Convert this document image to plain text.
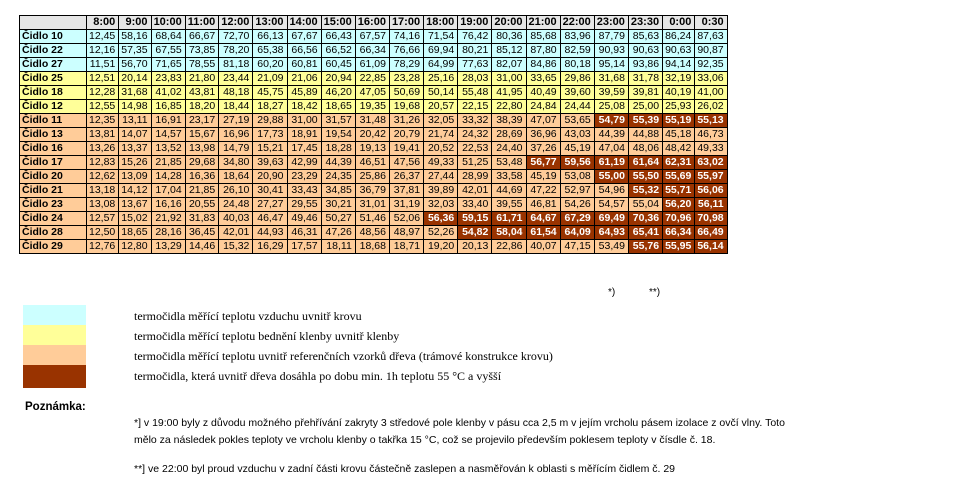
	8:00	9:00	10:00	11:00	12:00	13:00	14:00	15:00	16:00	17:00	18:00	19:00	20:00	21:00	22:00	23:00	23:30	0:00	0:30
Čidlo 10	12,45	58,16	68,64	66,67	72,70	66,13	67,67	66,43	67,57	74,16	71,54	76,42	80,36	85,68	83,96	87,79	85,63	86,24	87,63
Čidlo 22	12,16	57,35	67,55	73,85	78,20	65,38	66,56	66,52	66,34	76,66	69,94	80,21	85,12	87,80	82,59	90,93	90,63	90,63	90,87
Čidlo 27	11,51	56,70	71,65	78,55	81,18	60,20	60,81	60,45	61,09	78,29	64,99	77,63	82,07	84,86	80,18	95,14	93,86	94,14	92,35
Čidlo 25	12,51	20,14	23,83	21,80	23,44	21,09	21,06	20,94	22,85	23,28	25,16	28,03	31,00	33,65	29,86	31,68	31,78	32,19	33,06
Čidlo 18	12,28	31,68	41,02	43,81	48,18	45,75	45,89	46,20	47,05	50,69	50,14	55,48	41,95	40,49	39,60	39,59	39,81	40,19	41,00
Čidlo 12	12,55	14,98	16,85	18,20	18,44	18,27	18,42	18,65	19,35	19,68	20,57	22,15	22,80	24,84	24,44	25,08	25,00	25,93	26,02
Čidlo 11	12,35	13,11	16,91	23,17	27,19	29,88	31,00	31,57	31,48	31,26	32,05	33,32	38,39	47,07	53,65	54,79	55,39	55,19	55,13
Čidlo 13	13,81	14,07	14,57	15,67	16,96	17,73	18,91	19,54	20,42	20,79	21,74	24,32	28,69	36,96	43,03	44,39	44,88	45,18	46,73
Čidlo 16	13,26	13,37	13,52	13,98	14,79	15,21	17,45	18,28	19,13	19,41	20,52	22,53	24,40	37,26	45,19	47,04	48,06	48,42	49,33
Čidlo 17	12,83	15,26	21,85	29,68	34,80	39,63	42,99	44,39	46,51	47,56	49,33	51,25	53,48	56,77	59,56	61,19	61,64	62,31	63,02
Čidlo 20	12,62	13,09	14,28	16,36	18,64	20,90	23,29	24,35	25,86	26,37	27,44	28,99	33,58	45,19	53,08	55,00	55,50	55,69	55,97
Čidlo 21	13,18	14,12	17,04	21,85	26,10	30,41	33,43	34,85	36,79	37,81	39,89	42,01	44,69	47,22	52,97	54,96	55,32	55,71	56,06
Čidlo 23	13,08	13,67	16,16	20,55	24,48	27,27	29,55	30,21	31,01	31,19	32,03	33,40	39,55	46,81	54,26	54,57	55,04	56,20	56,11
Čidlo 24	12,57	15,02	21,92	31,83	40,03	46,47	49,46	50,27	51,46	52,06	56,36	59,15	61,71	64,67	67,29	69,49	70,36	70,96	70,98
Čidlo 28	12,50	18,65	28,16	36,45	42,01	44,93	46,31	47,26	48,56	48,97	52,26	54,82	58,04	61,54	64,09	64,93	65,41	66,34	66,49
Čidlo 29	12,76	12,80	13,29	14,46	15,32	16,29	17,57	18,11	18,68	18,71	19,20	20,13	22,86	40,07	47,15	53,49	55,76	55,95	56,14
*)	**)
termočidla měřící teplotu vzduchu uvnitř krovu
termočidla měřící teplotu bednění klenby uvnitř klenby
termočidla měřící teplotu uvnitř referenčních vzorků dřeva (trámové konstrukce krovu)
termočidla, která uvnitř dřeva dosáhla po dobu min. 1h teplotu 55 °C a vyšší
Poznámka:
*] v 19:00 byly z důvodu možného přehřívání zakryty 3 středové pole klenby v pásu cca 2,5 m v jejím vrcholu pásem izolace z ovčí vlny. Toto
mělo za následek pokles teploty ve vrcholu klenby o takřka 15 °C, což se projevilo především poklesem teploty v čísdle č. 18.
**] ve 22:00 byl proud vzduchu v zadní části krovu částečně zaslepen a nasměřován k oblasti s měřícím čidlem č. 29
